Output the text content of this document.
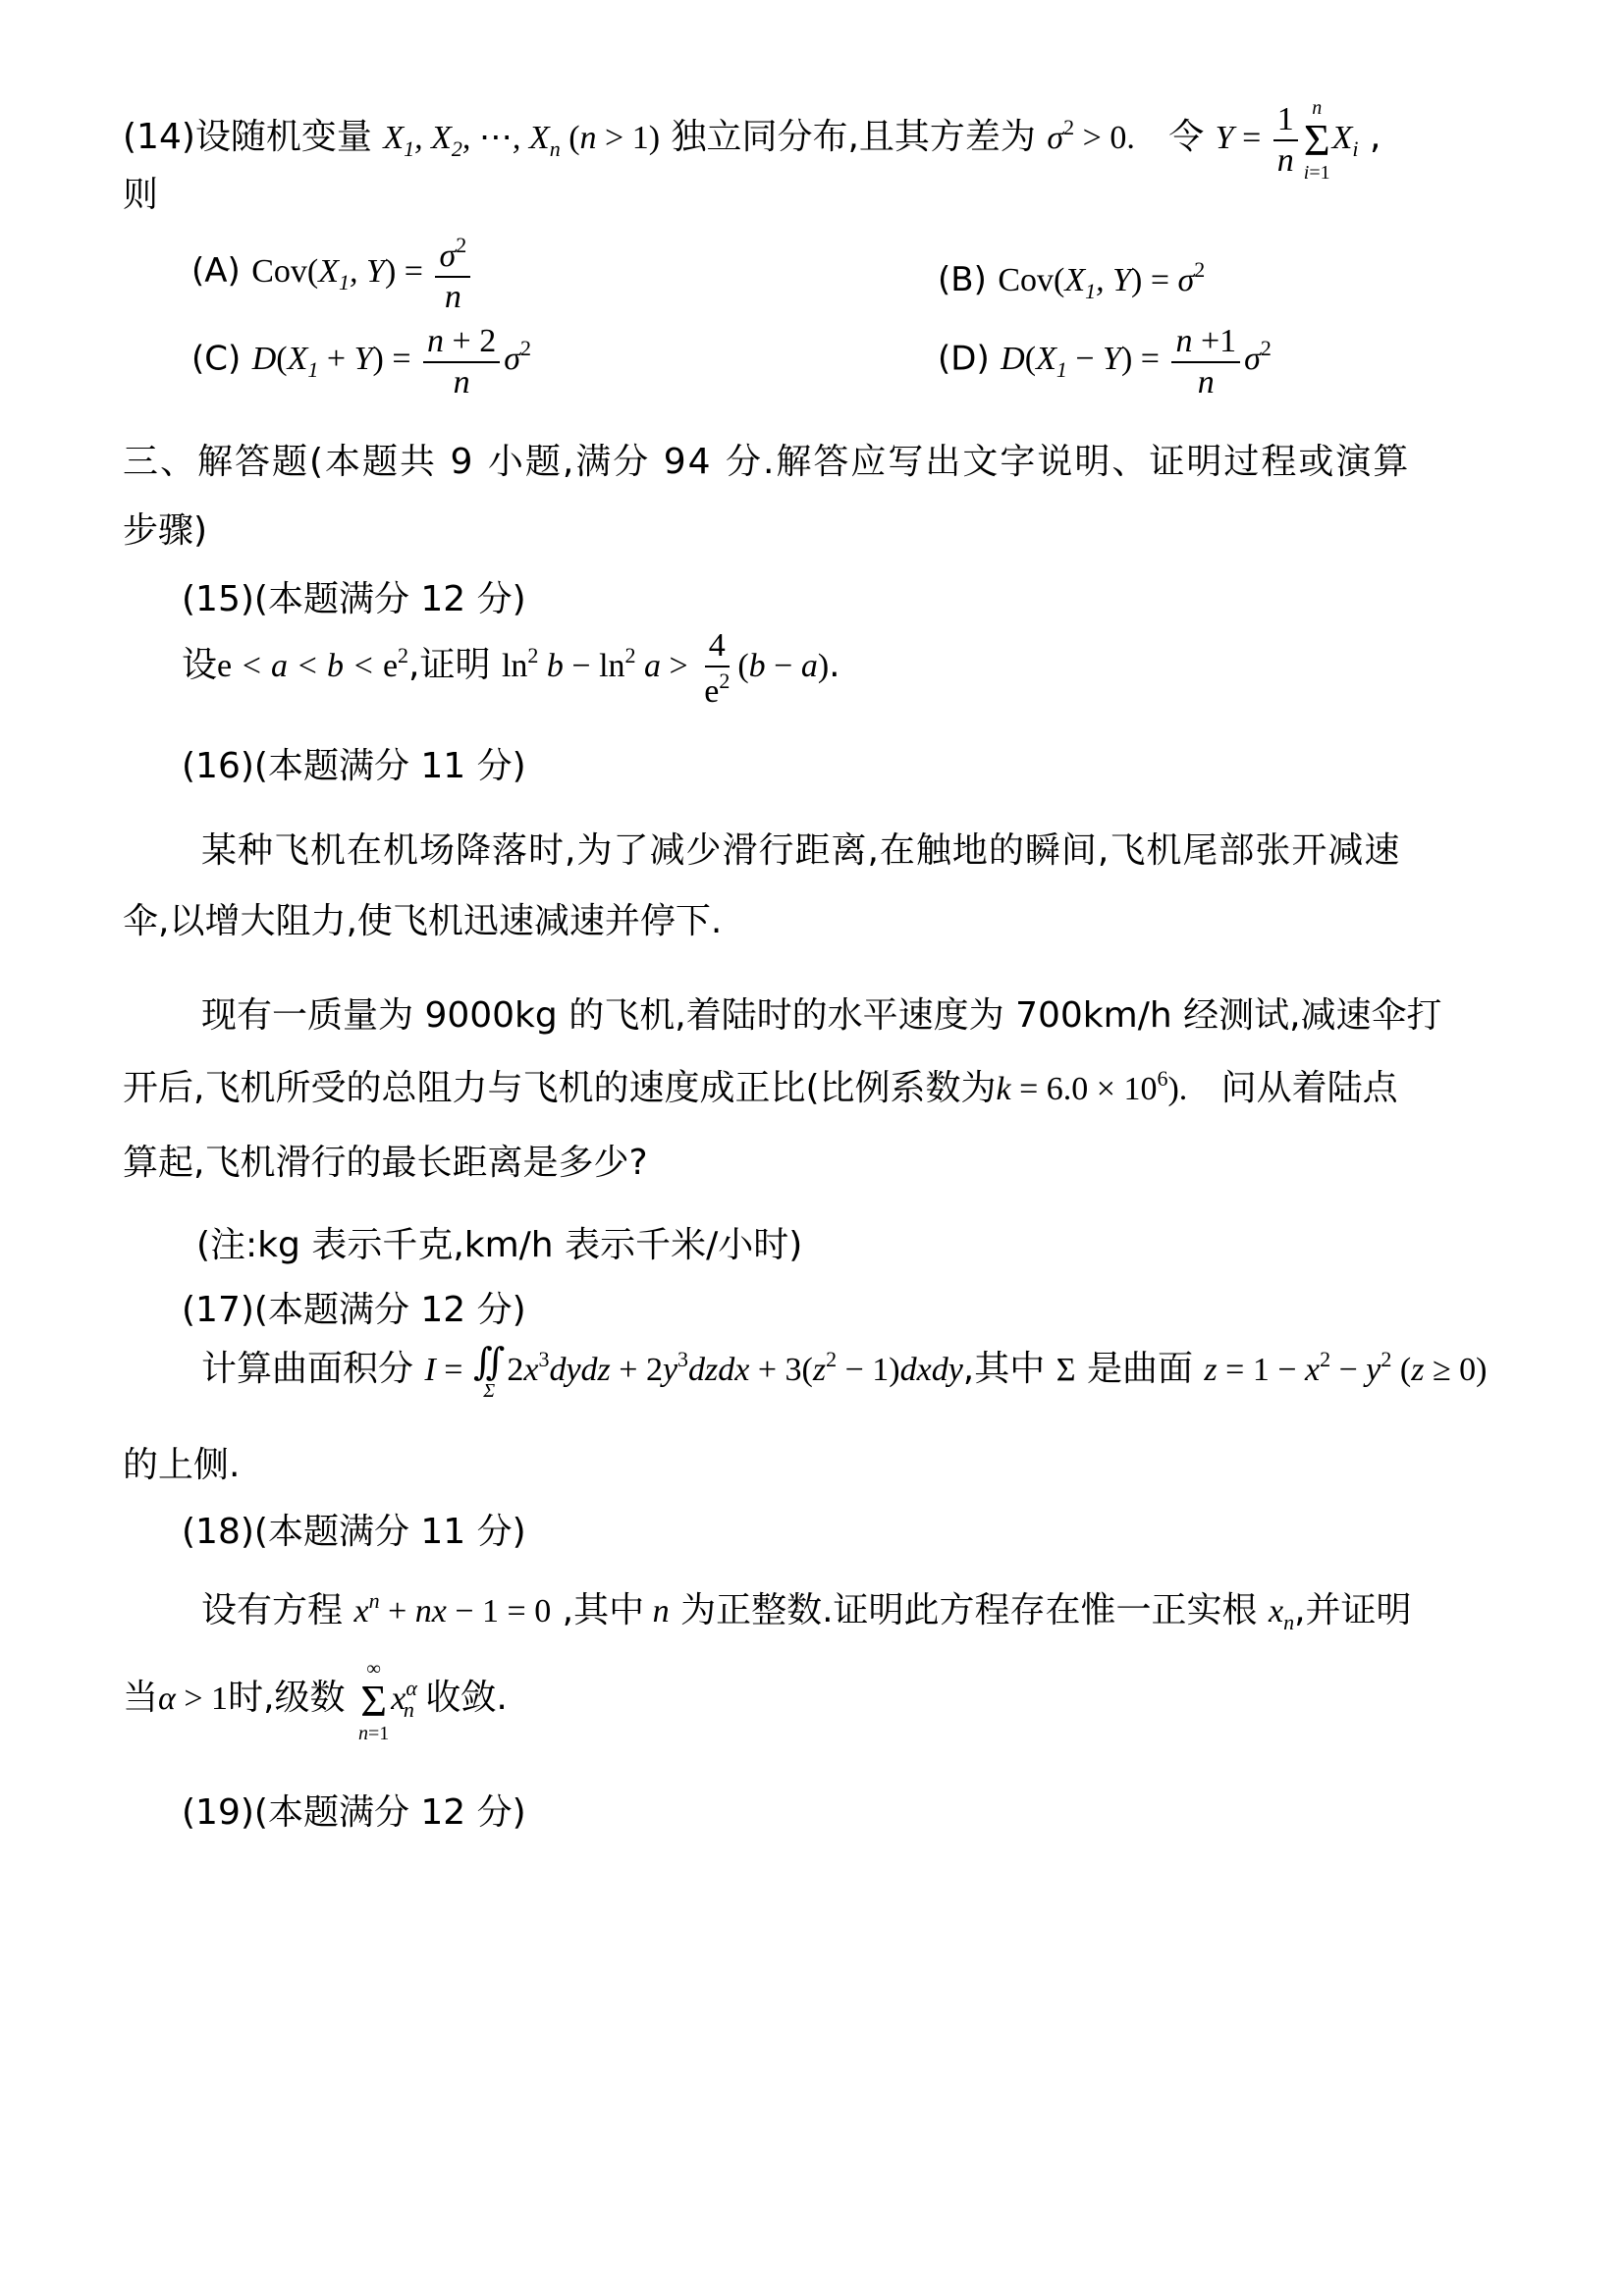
(14)设随机变量 $X_1$, $X_2$, ⋯, $X_n$ (n > 1) 独立同分布,且其方差为 $\sigma^2 > 0$. 令 $Y = \frac{1}{n}$ n
Σ
i=1
$X_i$ ,
则
(A) $Cov(X_1$, $Y) = \frac{\sigma^2}{n}$	(B) $Cov(X_1$, $Y) = \sigma^2$
(C) $D(X_1 + Y) = \frac{n + 2}{n} \sigma^2$	(D) $D(X_1 - Y) = \frac{n +1}{n} \sigma^2$
三、解答题(本题共 9 小题,满分 94 分.解答应写出文字说明、证明过程或演算
步骤)
(15)(本题满分 12 分)
设$e < a < b < e^2$,证明 $\ln^2 b - \ln^2 a > \frac{4}{e^2} (b - a)$.
(16)(本题满分 11 分)
某种飞机在机场降落时,为了减少滑行距离,在触地的瞬间,飞机尾部张开减速
伞,以增大阻力,使飞机迅速减速并停下.
现有一质量为 9000kg 的飞机,着陆时的水平速度为 700km/h 经测试,减速伞打
开后,飞机所受的总阻力与飞机的速度成正比(比例系数为$k = 6.0 \times 10^6$). 问从着陆点
算起,飞机滑行的最长距离是多少?
(注:kg 表示千克,km/h 表示千米/小时)
(17)(本题满分 12 分)
计算曲面积分 I = ∬
Σ
$2x^3dydz$ + $2y^3dzdx + 3(z^2$ − 1)dxdy,其中 Σ 是曲面 $z = 1 - x^2 - y^2$ (z ≥ 0)
的上侧.
(18)(本题满分 11 分)
设有方程 $x^n$ + nx − 1 = 0 ,其中 n 为正整数.证明此方程存在惟一正实根 $x_n$,并证明
当α > 1时,级数
∞
Σ
n=1
$x^\alpha_n$ 收敛.
(19)(本题满分 12 分)
